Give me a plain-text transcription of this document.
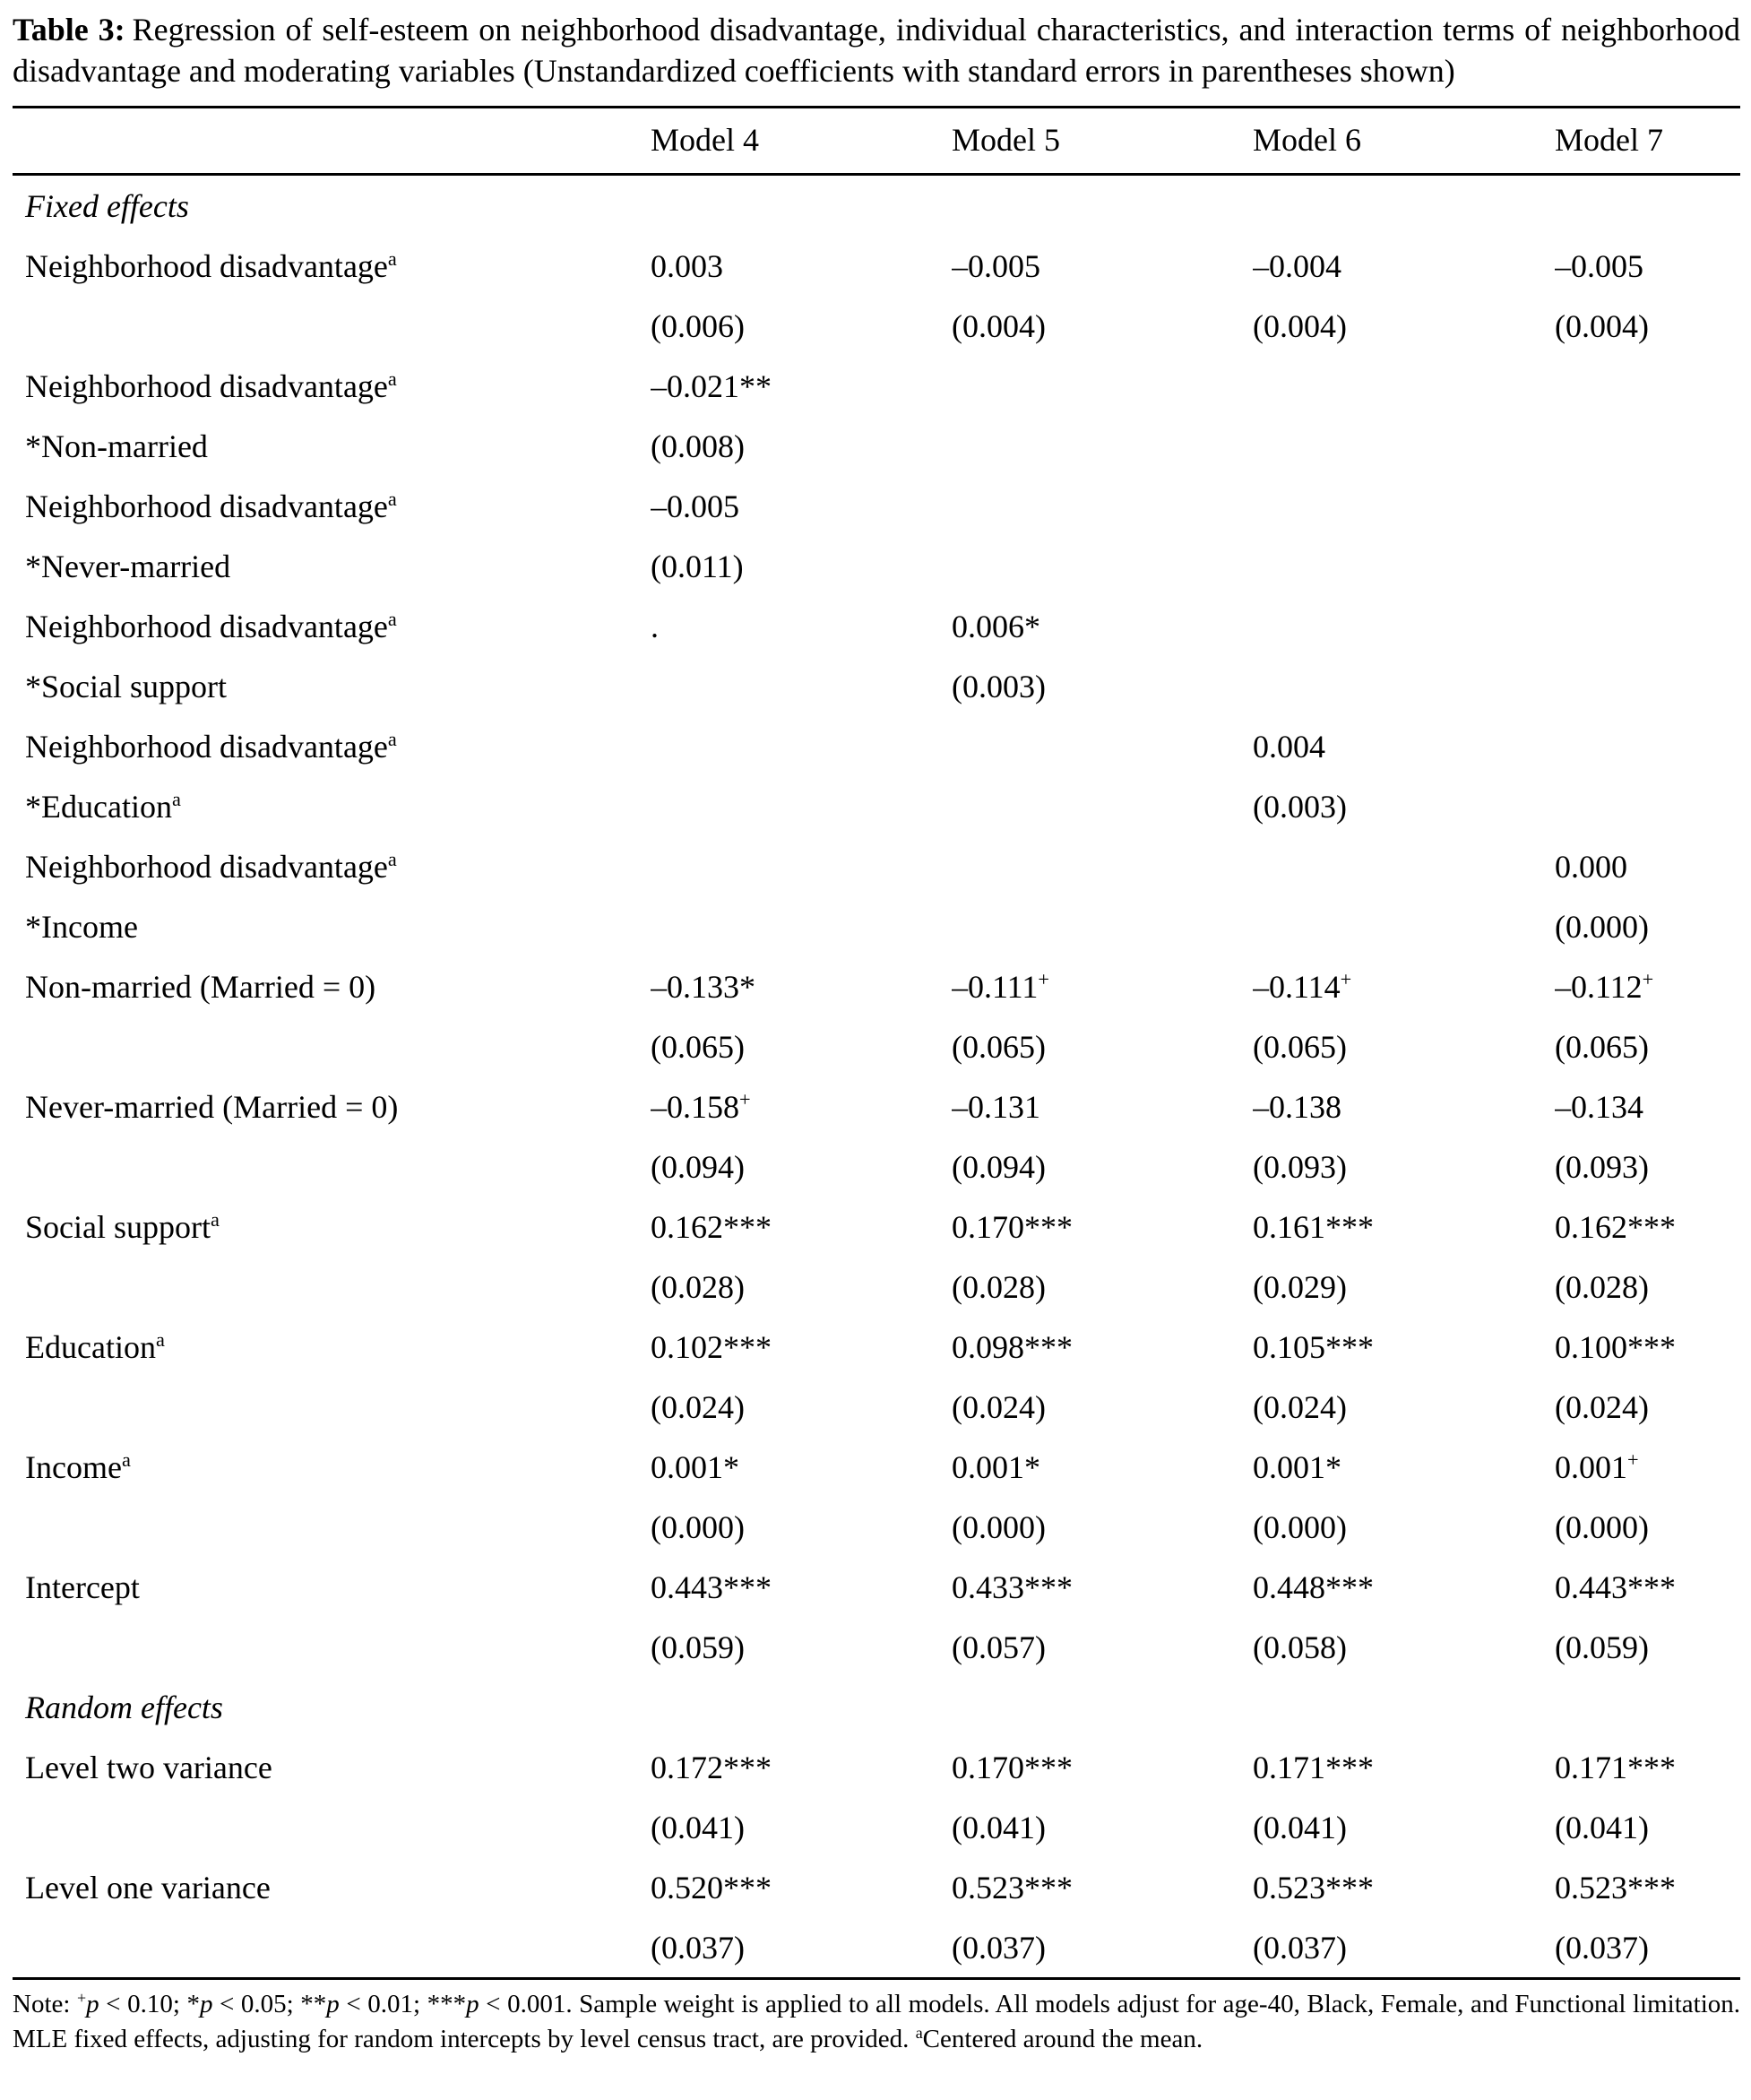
Table 3: Regression of self-esteem on neighborhood disadvantage, individual characteristics, and interaction terms of neighborhood disadvantage and moderating variables (Unstandardized coefficients with standard errors in parentheses shown)

	Model 4	Model 5	Model 6	Model 7
Fixed effects				
Neighborhood disadvantage$^a$	0.003	–0.005	–0.004	–0.005
	(0.006)	(0.004)	(0.004)	(0.004)
Neighborhood disadvantage$^a$	–0.021**			
*Non-married	(0.008)			
Neighborhood disadvantage$^a$	–0.005			
*Never-married	(0.011)			
Neighborhood disadvantage$^a$	.	0.006*		
*Social support		(0.003)		
Neighborhood disadvantage$^a$			0.004	
*Education$^a$			(0.003)	
Neighborhood disadvantage$^a$				0.000
*Income				(0.000)
Non-married (Married = 0)	–0.133*	–0.111+	–0.114+	–0.112+
	(0.065)	(0.065)	(0.065)	(0.065)
Never-married (Married = 0)	–0.158+	–0.131	–0.138	–0.134
	(0.094)	(0.094)	(0.093)	(0.093)
Social support$^a$	0.162***	0.170***	0.161***	0.162***
	(0.028)	(0.028)	(0.029)	(0.028)
Education$^a$	0.102***	0.098***	0.105***	0.100***
	(0.024)	(0.024)	(0.024)	(0.024)
Income$^a$	0.001*	0.001*	0.001*	0.001+
	(0.000)	(0.000)	(0.000)	(0.000)
Intercept	0.443***	0.433***	0.448***	0.443***
	(0.059)	(0.057)	(0.058)	(0.059)
Random effects				
Level two variance	0.172***	0.170***	0.171***	0.171***
	(0.041)	(0.041)	(0.041)	(0.041)
Level one variance	0.520***	0.523***	0.523***	0.523***
	(0.037)	(0.037)	(0.037)	(0.037)

Note: +p < 0.10; *p < 0.05; **p < 0.01; ***p < 0.001. Sample weight is applied to all models. All models adjust for age-40, Black, Female, and Functional limitation. MLE fixed effects, adjusting for random intercepts by level census tract, are provided. $^a$Centered around the mean.
